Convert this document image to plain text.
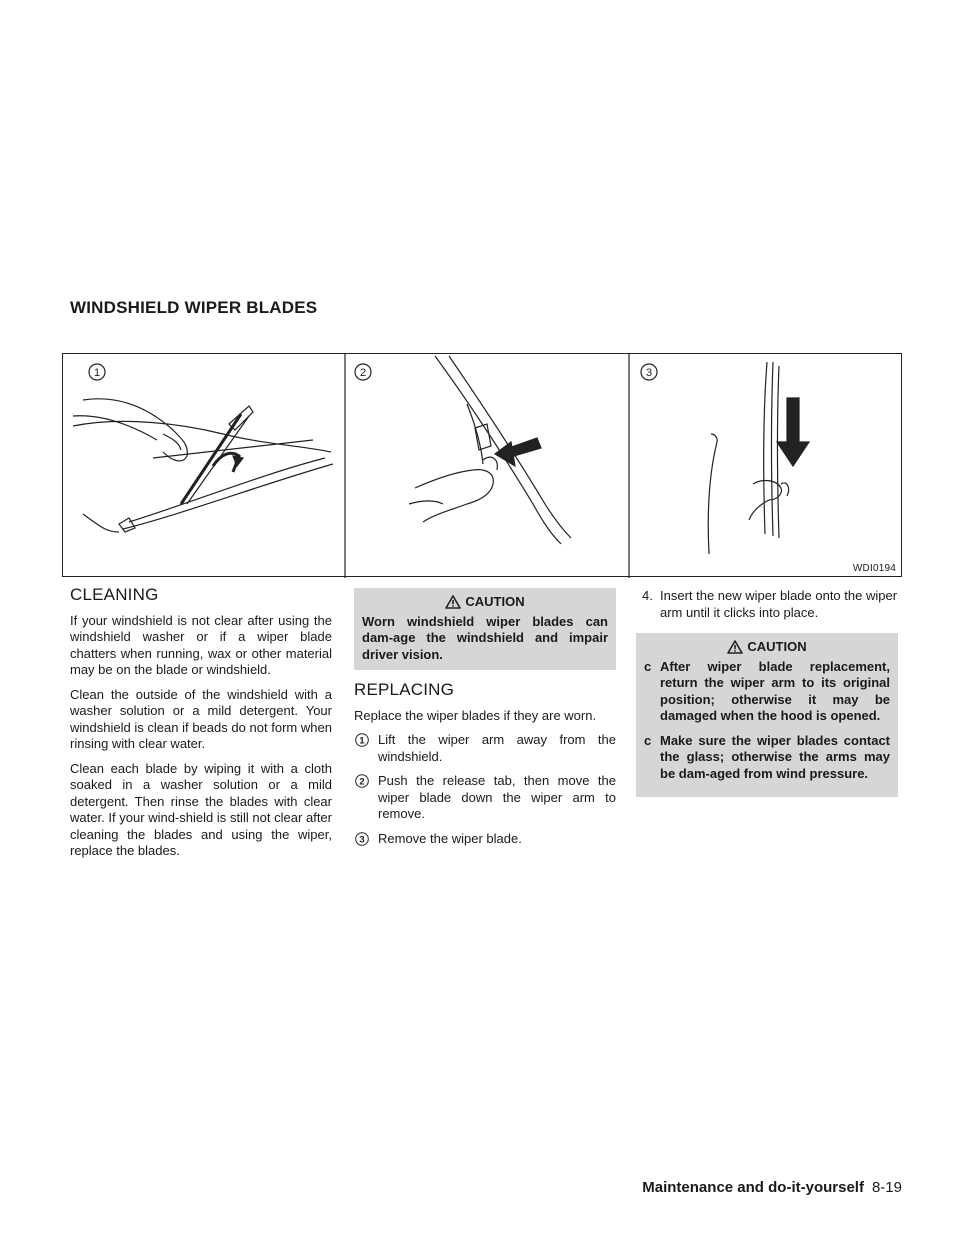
WINDSHIELD WIPER BLADES
1	2	3
WDI0194
CLEANING

If your windshield is not clear after using the windshield washer or if a wiper blade chatters when running, wax or other material may be on the blade or windshield.

Clean the outside of the windshield with a washer solution or a mild detergent. Your windshield is clean if beads do not form when rinsing with clear water.

Clean each blade by wiping it with a cloth soaked in a washer solution or a mild detergent. Then rinse the blades with clear water. If your wind-shield is still not clear after cleaning the blades and using the wiper, replace the blades.

CAUTION
Worn windshield wiper blades can dam-age the windshield and impair driver vision.
REPLACING

Replace the wiper blades if they are worn.

1 Lift the wiper arm away from the windshield.
2 Push the release tab, then move the wiper blade down the wiper arm to remove.
3 Remove the wiper blade.
4. Insert the new wiper blade onto the wiper arm until it clicks into place.
CAUTION
c After wiper blade replacement, return the wiper arm to its original position; otherwise it may be damaged when the hood is opened.
c Make sure the wiper blades contact the glass; otherwise the arms may be dam-aged from wind pressure.
Maintenance and do-it-yourself 8-19
